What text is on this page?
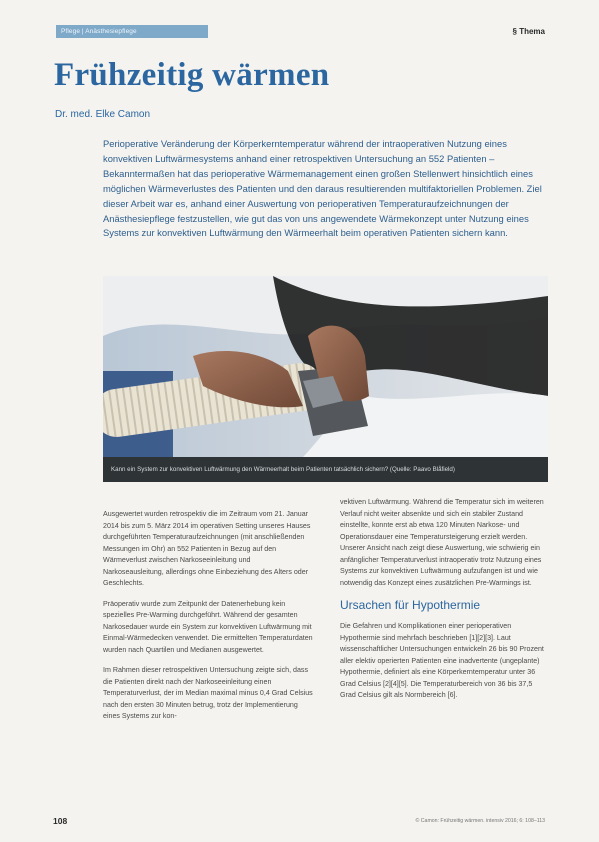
Pflege | Anästhesiepflege	§ Thema
Frühzeitig wärmen
Dr. med. Elke Camon

Perioperative Veränderung der Körperkerntemperatur während der intraoperativen Nutzung eines konvektiven Luftwärmesystems anhand einer retrospektiven Untersuchung an 552 Patienten – Bekanntermaßen hat das perioperative Wärmemanagement einen großen Stellenwert hinsichtlich eines möglichen Wärmeverlustes des Patienten und den daraus resultierenden multifaktoriellen Problemen. Ziel dieser Arbeit war es, anhand einer Auswertung von perioperativen Temperaturaufzeichnungen der Anästhesiepflege festzustellen, wie gut das von uns angewendete Wärmekonzept unter Nutzung eines Systems zur konvektiven Luftwärmung den Wärmeerhalt beim operativen Patienten sichern kann.

Kann ein System zur konvektiven Luftwärmung den Wärmeerhalt beim Patienten tatsächlich sichern? (Quelle: Paavo Blåfield)

Ausgewertet wurden retrospektiv die im Zeitraum vom 21. Januar 2014 bis zum 5. März 2014 im operativen Setting unseres Hauses durchgeführten Temperaturaufzeichnungen (mit anschließenden Messungen im Ohr) an 552 Patienten in Bezug auf den Wärmeverlust zwischen Narkoseeinleitung und Narkoseausleitung, allerdings ohne Einbeziehung des Alters oder Geschlechts.

Präoperativ wurde zum Zeitpunkt der Datenerhebung kein spezielles Pre-Warming durchgeführt. Während der gesamten Narkosedauer wurde ein System zur konvektiven Luftwärmung mit Einmal-Wärmedecken verwendet. Die ermittelten Temperaturdaten wurden nach Quartilen und Medianen ausgewertet.

Im Rahmen dieser retrospektiven Untersuchung zeigte sich, dass die Patienten direkt nach der Narkoseeinleitung einen Temperaturverlust, der im Median maximal minus 0,4 Grad Celsius nach den ersten 30 Minuten betrug, trotz der Implementierung eines Systems zur kon-

vektiven Luftwärmung. Während die Temperatur sich im weiteren Verlauf nicht weiter absenkte und sich ein stabiler Zustand einstellte, konnte erst ab etwa 120 Minuten Narkose- und Operationsdauer eine Temperatursteigerung erzielt werden. Unserer Ansicht nach zeigt diese Auswertung, wie schwierig ein anfänglicher Temperaturverlust intraoperativ trotz Nutzung eines Systems zur konvektiven Luftwärmung aufzufangen ist und wie notwendig das Konzept eines zusätzlichen Pre-Warmings ist.

Ursachen für Hypothermie

Die Gefahren und Komplikationen einer perioperativen Hypothermie sind mehrfach beschrieben [1][2][3]. Laut wissenschaftlicher Untersuchungen entwickeln 26 bis 90 Prozent aller elektiv operierten Patienten eine inadvertente (ungeplante) Hypothermie, definiert als eine Körperkerntemperatur unter 36 Grad Celsius [2][4][5]. Die Temperaturbereich von 36 bis 37,5 Grad Celsius gilt als Normbereich [6].

108	© Camon: Frühzeitig wärmen. intensiv 2016; 6: 108–113
